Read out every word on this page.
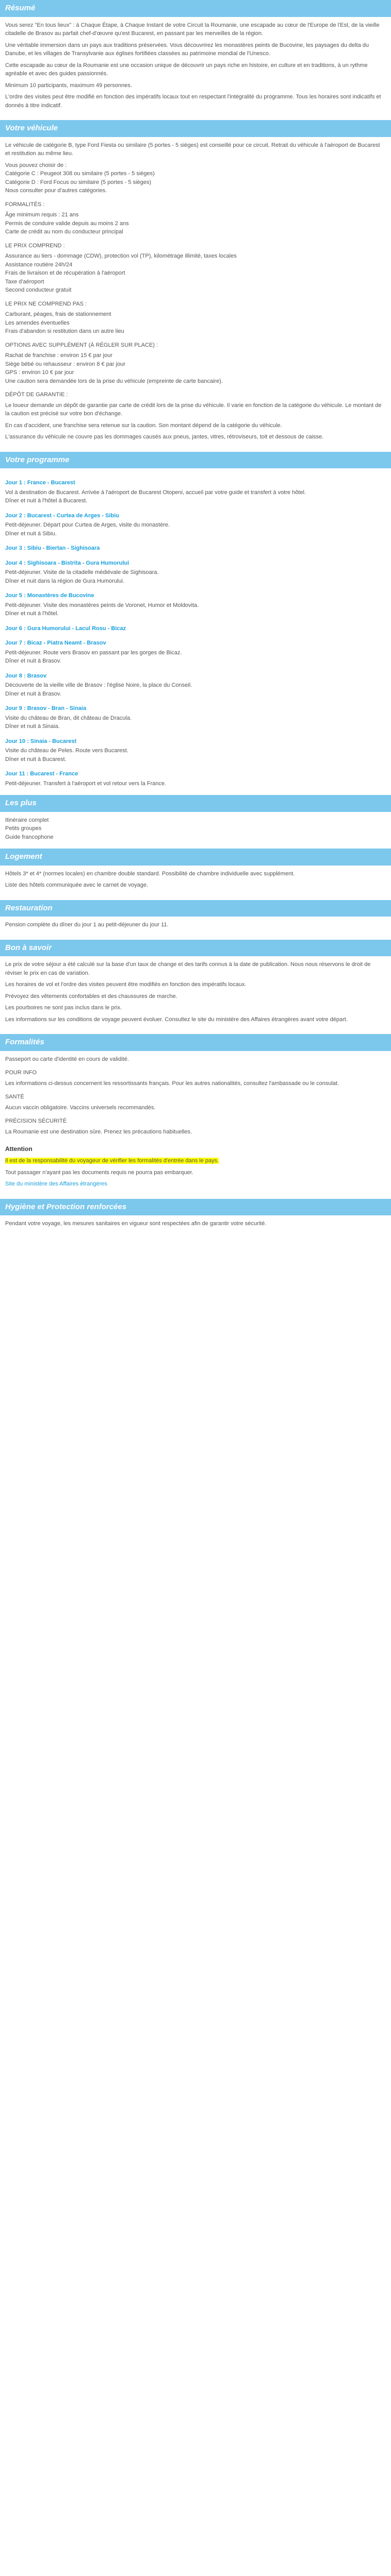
Résumé

Vous serez "En tous lieux" : à Chaque Étape, à Chaque Instant de votre Circuit la Roumanie, une escapade au cœur de l'Europe de l'Est, de la vieille citadelle de Brasov au parfait chef-d'œuvre qu'est Bucarest, en passant par les merveilles de la région.

Une véritable immersion dans un pays aux traditions préservées. Vous découvrirez les monastères peints de Bucovine, les paysages du delta du Danube, et les villages de Transylvanie aux églises fortifiées classées au patrimoine mondial de l'Unesco.

Cette escapade au cœur de la Roumanie est une occasion unique de découvrir un pays riche en histoire, en culture et en traditions, à un rythme agréable et avec des guides passionnés.

Minimum 10 participants, maximum 49 personnes.

L'ordre des visites peut être modifié en fonction des impératifs locaux tout en respectant l'intégralité du programme. Tous les horaires sont indicatifs et donnés à titre indicatif.

Votre véhicule

Le véhicule de catégorie B, type Ford Fiesta ou similaire (5 portes - 5 sièges) est conseillé pour ce circuit. Retrait du véhicule à l'aéroport de Bucarest et restitution au même lieu.

Vous pouvez choisir de :

Catégorie C : Peugeot 308 ou similaire (5 portes - 5 sièges)
Catégorie D : Ford Focus ou similaire (5 portes - 5 sièges)

Nous consulter pour d'autres catégories.

FORMALITÉS :
Âge minimum requis : 21 ans
Permis de conduire valide depuis au moins 2 ans
Carte de crédit au nom du conducteur principal
LE PRIX COMPREND :
Assurance au tiers - dommage (CDW), protection vol (TP), kilométrage illimité, taxes locales
Assistance routière 24h/24
Frais de livraison et de récupération à l'aéroport
Taxe d'aéroport
Second conducteur gratuit
LE PRIX NE COMPREND PAS :
Carburant, péages, frais de stationnement
Les amendes éventuelles
Frais d'abandon si restitution dans un autre lieu
OPTIONS AVEC SUPPLÉMENT (À RÉGLER SUR PLACE) :
Rachat de franchise : environ 15 € par jour
Siège bébé ou rehausseur : environ 8 € par jour
GPS : environ 10 € par jour

Une caution sera demandée lors de la prise du véhicule (empreinte de carte bancaire).

DÉPÔT DE GARANTIE :

Le loueur demande un dépôt de garantie par carte de crédit lors de la prise du véhicule. Il varie en fonction de la catégorie du véhicule. Le montant de la caution est précisé sur votre bon d'échange.

En cas d'accident, une franchise sera retenue sur la caution. Son montant dépend de la catégorie du véhicule.

L'assurance du véhicule ne couvre pas les dommages causés aux pneus, jantes, vitres, rétroviseurs, toit et dessous de caisse.

Votre programme
Jour 1 : France - Bucarest

Vol à destination de Bucarest. Arrivée à l'aéroport de Bucarest Otopeni, accueil par votre guide et transfert à votre hôtel.

Dîner et nuit à l'hôtel à Bucarest.

Jour 2 : Bucarest - Curtea de Arges - Sibiu

Petit-déjeuner. Départ pour Curtea de Arges, visite du monastère.

Dîner et nuit à Sibiu.

Jour 3 : Sibiu - Biertan - Sighisoara
Jour 4 : Sighisoara - Bistrita - Gura Humorului

Petit-déjeuner. Visite de la citadelle médiévale de Sighisoara.

Dîner et nuit dans la région de Gura Humorului.

Jour 5 : Monastères de Bucovine

Petit-déjeuner. Visite des monastères peints de Voronet, Humor et Moldovita.

Dîner et nuit à l'hôtel.

Jour 6 : Gura Humorului - Lacul Rosu - Bicaz
Jour 7 : Bicaz - Piatra Neamt - Brasov

Petit-déjeuner. Route vers Brasov en passant par les gorges de Bicaz.

Dîner et nuit à Brasov.

Jour 8 : Brasov

Découverte de la vieille ville de Brasov : l'église Noire, la place du Conseil.

Dîner et nuit à Brasov.

Jour 9 : Brasov - Bran - Sinaia

Visite du château de Bran, dit château de Dracula.

Dîner et nuit à Sinaia.

Jour 10 : Sinaia - Bucarest

Visite du château de Peles. Route vers Bucarest.

Dîner et nuit à Bucarest.

Jour 11 : Bucarest - France

Petit-déjeuner. Transfert à l'aéroport et vol retour vers la France.

Les plus

Itinéraire complet

Petits groupes

Guide francophone

Logement

Hôtels 3* et 4* (normes locales) en chambre double standard. Possibilité de chambre individuelle avec supplément.

Liste des hôtels communiquée avec le carnet de voyage.

Restauration

Pension complète du dîner du jour 1 au petit-déjeuner du jour 11.

Bon à savoir

Le prix de votre séjour a été calculé sur la base d'un taux de change et des tarifs connus à la date de publication. Nous nous réservons le droit de réviser le prix en cas de variation.

Les horaires de vol et l'ordre des visites peuvent être modifiés en fonction des impératifs locaux.

Prévoyez des vêtements confortables et des chaussures de marche.

Les pourboires ne sont pas inclus dans le prix.

Les informations sur les conditions de voyage peuvent évoluer. Consultez le site du ministère des Affaires étrangères avant votre départ.

Formalités

Passeport ou carte d'identité en cours de validité.

POUR INFO

Les informations ci-dessus concernent les ressortissants français. Pour les autres nationalités, consultez l'ambassade ou le consulat.

SANTÉ

Aucun vaccin obligatoire. Vaccins universels recommandés.

PRÉCISION SÉCURITÉ

La Roumanie est une destination sûre. Prenez les précautions habituelles.

Attention

Il est de la responsabilité du voyageur de vérifier les formalités d'entrée dans le pays.

Tout passager n'ayant pas les documents requis ne pourra pas embarquer.

Site du ministère des Affaires étrangères

Hygiène et Protection renforcées

Pendant votre voyage, les mesures sanitaires en vigueur sont respectées afin de garantir votre sécurité.
